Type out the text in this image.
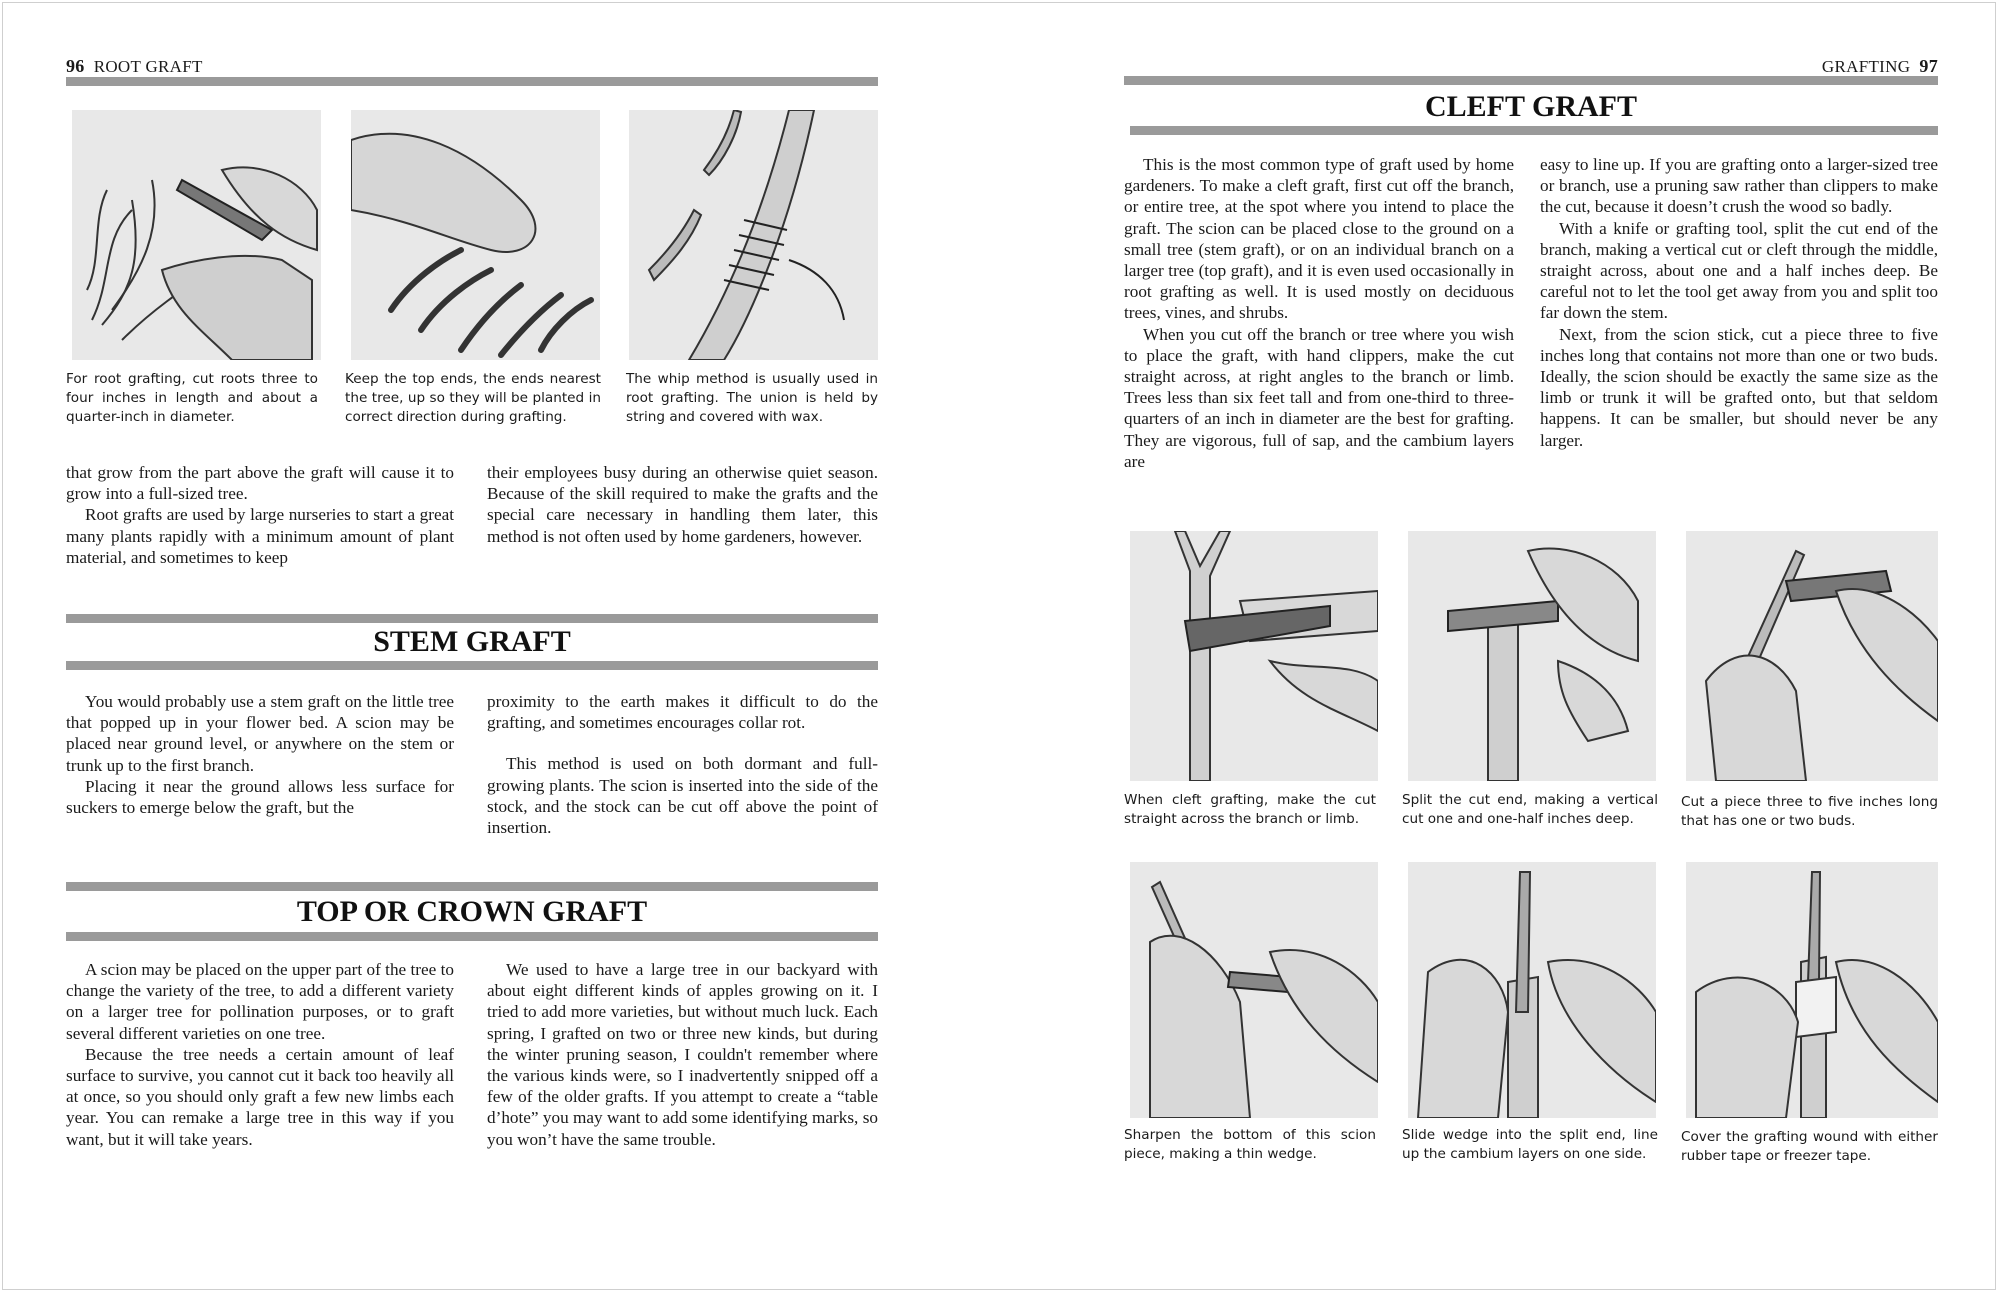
96 ROOT GRAFT
For root grafting, cut roots three to four inches in length and about a quarter-inch in diameter.
Keep the top ends, the ends nearest the tree, up so they will be planted in correct direction during grafting.
The whip method is usually used in root grafting. The union is held by string and covered with wax.

that grow from the part above the graft will cause it to grow into a full-sized tree.

Root grafts are used by large nurseries to start a great many plants rapidly with a minimum amount of plant material, and sometimes to keep

their employees busy during an otherwise quiet season. Because of the skill required to make the grafts and the special care necessary in handling them later, this method is not often used by home gardeners, however.

STEM GRAFT

You would probably use a stem graft on the little tree that popped up in your flower bed. A scion may be placed near ground level, or anywhere on the stem or trunk up to the first branch.

Placing it near the ground allows less surface for suckers to emerge below the graft, but the

proximity to the earth makes it difficult to do the grafting, and sometimes encourages collar rot.

This method is used on both dormant and full-growing plants. The scion is inserted into the side of the stock, and the stock can be cut off above the point of insertion.

TOP OR CROWN GRAFT

A scion may be placed on the upper part of the tree to change the variety of the tree, to add a different variety on a larger tree for pollination purposes, or to graft several different varieties on one tree.

Because the tree needs a certain amount of leaf surface to survive, you cannot cut it back too heavily all at once, so you should only graft a few new limbs each year. You can remake a large tree in this way if you want, but it will take years.

We used to have a large tree in our backyard with about eight different kinds of apples growing on it. I tried to add more varieties, but without much luck. Each spring, I grafted on two or three new kinds, but during the winter pruning season, I couldn't remember where the various kinds were, so I inadvertently snipped off a few of the older grafts. If you attempt to create a “table d’hote” you may want to add some identifying marks, so you won’t have the same trouble.

GRAFTING 97
CLEFT GRAFT

This is the most common type of graft used by home gardeners. To make a cleft graft, first cut off the branch, or entire tree, at the spot where you intend to place the graft. The scion can be placed close to the ground on a small tree (stem graft), or on an individual branch on a larger tree (top graft), and it is even used occasionally in root grafting as well. It is used mostly on deciduous trees, vines, and shrubs.

When you cut off the branch or tree where you wish to place the graft, with hand clippers, make the cut straight across, at right angles to the branch or limb. Trees less than six feet tall and from one-third to three-quarters of an inch in diameter are the best for grafting. They are vigorous, full of sap, and the cambium layers are

easy to line up. If you are grafting onto a larger-sized tree or branch, use a pruning saw rather than clippers to make the cut, because it doesn’t crush the wood so badly.

With a knife or grafting tool, split the cut end of the branch, making a vertical cut or cleft through the middle, straight across, about one and a half inches deep. Be careful not to let the tool get away from you and split too far down the stem.

Next, from the scion stick, cut a piece three to five inches long that contains not more than one or two buds. Ideally, the scion should be exactly the same size as the limb or trunk it will be grafted onto, but that seldom happens. It can be smaller, but should never be any larger.

When cleft grafting, make the cut straight across the branch or limb.
Split the cut end, making a vertical cut one and one-half inches deep.
Cut a piece three to five inches long that has one or two buds.
Sharpen the bottom of this scion piece, making a thin wedge.
Slide wedge into the split end, line up the cambium layers on one side.
Cover the grafting wound with either rubber tape or freezer tape.
